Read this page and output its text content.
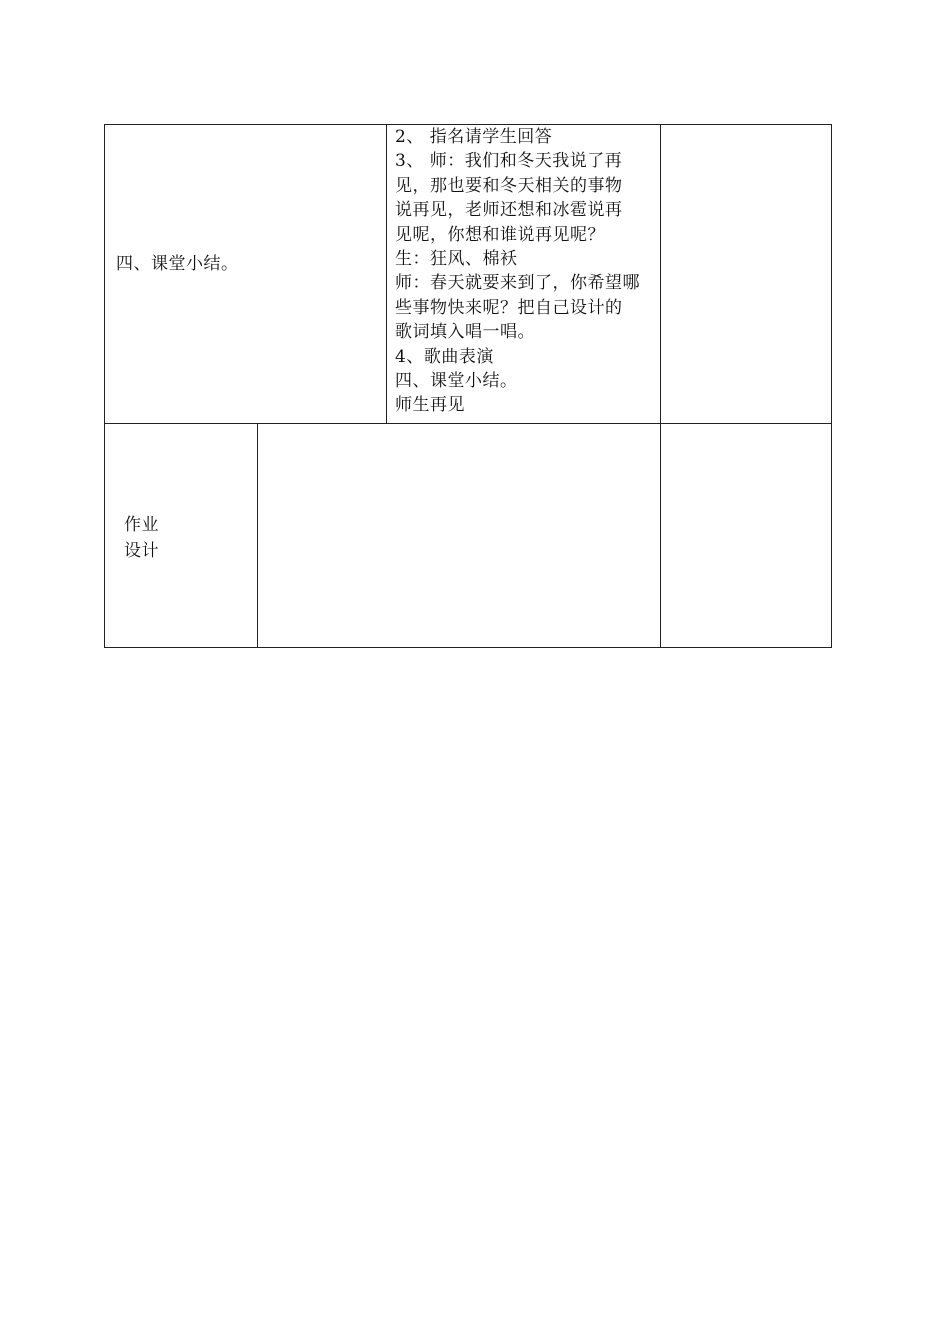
四、课堂小结。
2、 指名请学生回答
3、 师：我们和冬天我说了再
见，那也要和冬天相关的事物
说再见，老师还想和冰雹说再
见呢，你想和谁说再见呢？
生：狂风、棉袄
师：春天就要来到了，你希望哪
些事物快来呢？把自己设计的
歌词填入唱一唱。
4、歌曲表演
四、课堂小结。
师生再见
作业
设计
